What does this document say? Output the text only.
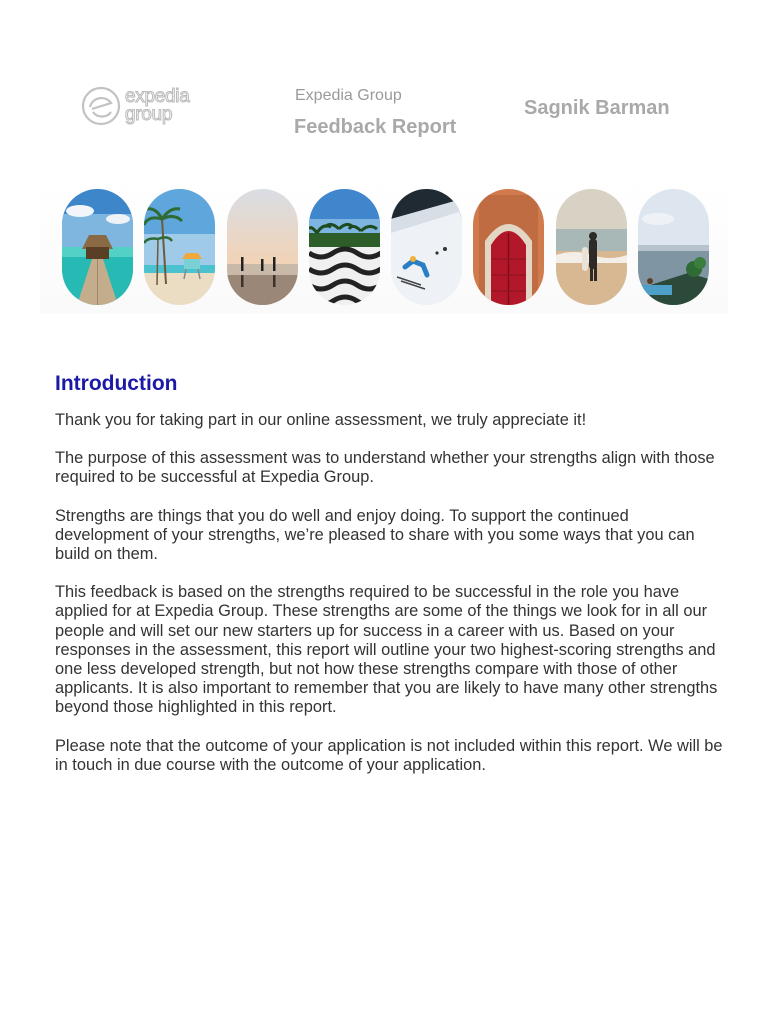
expedia
group
Expedia Group
Feedback Report
Sagnik Barman
Introduction

Thank you for taking part in our online assessment, we truly appreciate it!

The purpose of this assessment was to understand whether your strengths align with those required to be successful at Expedia Group.

Strengths are things that you do well and enjoy doing. To support the continued development of your strengths, we’re pleased to share with you some ways that you can build on them.

This feedback is based on the strengths required to be successful in the role you have applied for at Expedia Group. These strengths are some of the things we look for in all our people and will set our new starters up for success in a career with us. Based on your responses in the assessment, this report will outline your two highest-scoring strengths and one less developed strength, but not how these strengths compare with those of other applicants. It is also important to remember that you are likely to have many other strengths beyond those highlighted in this report.

Please note that the outcome of your application is not included within this report. We will be in touch in due course with the outcome of your application.
